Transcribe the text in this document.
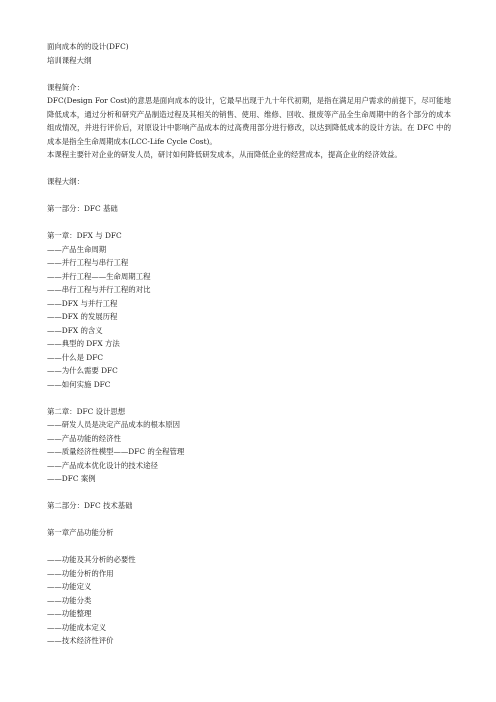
面向成本的的设计(DFC)
培训课程大纲
课程简介：
DFC(Design For Cost)的意思是面向成本的设计，它最早出现于九十年代初期，是指在满足用户需求的前提下，尽可能地降低成本，通过分析和研究产品制造过程及其相关的销售、使用、维修、回收、报废等产品全生命周期中的各个部分的成本组成情况，并进行评价后，对原设计中影响产品成本的过高费用部分进行修改，以达到降低成本的设计方法。在 DFC 中的成本是指全生命周期成本(LCC-Life Cycle Cost)。
本课程主要针对企业的研发人员，研讨如何降低研发成本，从而降低企业的经营成本，提高企业的经济效益。
课程大纲：
第一部分：DFC 基础
第一章：DFX 与 DFC
——产品生命周期
——并行工程与串行工程
——并行工程——生命周期工程
——串行工程与并行工程的对比
——DFX 与并行工程
——DFX 的发展历程
——DFX 的含义
——典型的 DFX 方法
——什么是 DFC
——为什么需要 DFC
——如何实施 DFC
第二章：DFC 设计思想
——研发人员是决定产品成本的根本原因
——产品功能的经济性
——质量经济性模型——DFC 的全程管理
——产品成本优化设计的技术途径
——DFC 案例
第二部分：DFC 技术基础
第一章产品功能分析
——功能及其分析的必要性
——功能分析的作用
——功能定义
——功能分类
——功能整理
——功能成本定义
——技术经济性评价
